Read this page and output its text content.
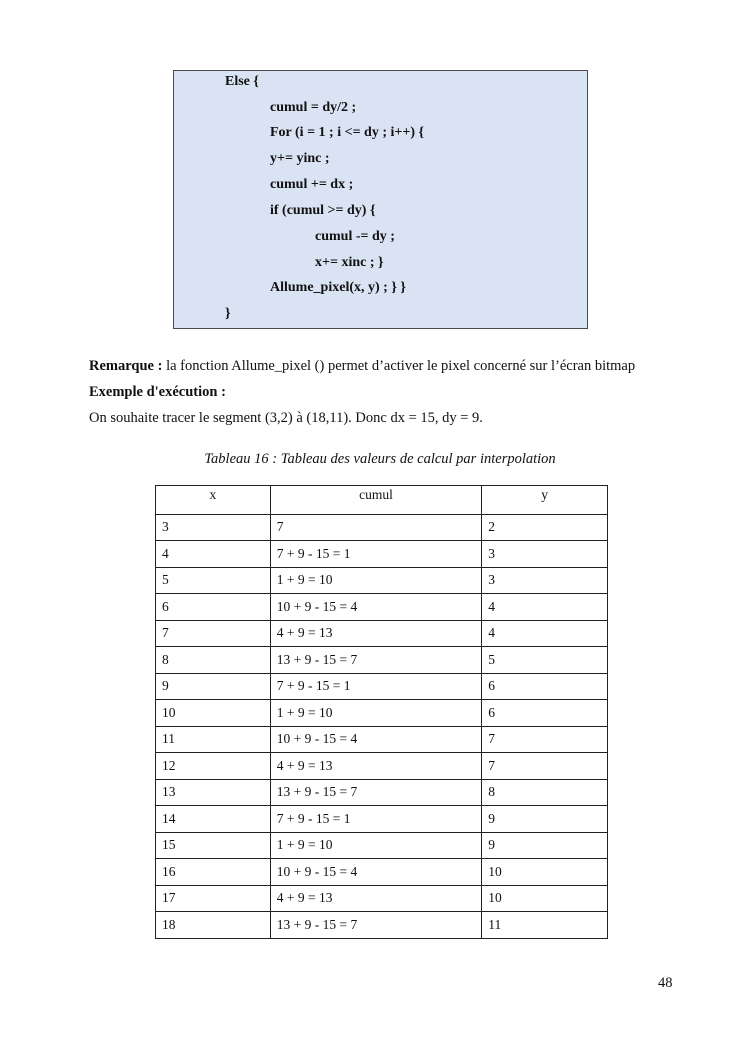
Else {
cumul = dy/2 ;
For (i = 1 ; i <= dy ; i++) {
y+= yinc ;
cumul += dx ;
if (cumul >= dy) {
cumul -= dy ;
x+= xinc ; }
Allume_pixel(x, y) ; } }
}
Remarque : la fonction Allume_pixel () permet d’activer le pixel concerné sur l’écran bitmap
Exemple d'exécution :
On souhaite tracer le segment (3,2) à (18,11). Donc dx = 15, dy = 9.
Tableau 16 : Tableau des valeurs de calcul par interpolation
x	cumul	y
3	7	2
4	7 + 9 - 15 = 1	3
5	1 + 9 = 10	3
6	10 + 9 - 15 = 4	4
7	4 + 9 = 13	4
8	13 + 9 - 15 = 7	5
9	7 + 9 - 15 = 1	6
10	1 + 9 = 10	6
11	10 + 9 - 15 = 4	7
12	4 + 9 = 13	7
13	13 + 9 - 15 = 7	8
14	7 + 9 - 15 = 1	9
15	1 + 9 = 10	9
16	10 + 9 - 15 = 4	10
17	4 + 9 = 13	10
18	13 + 9 - 15 = 7	11
48
